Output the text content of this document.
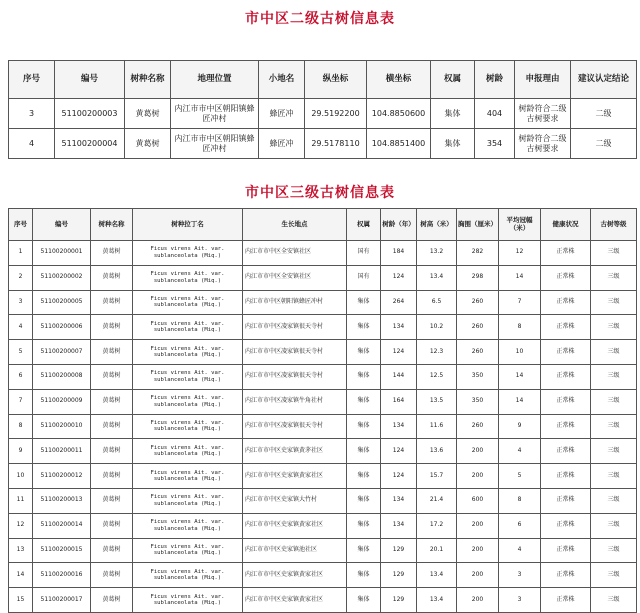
市中区二级古树信息表
序号	编号	树种名称	地理位置	小地名	纵坐标	横坐标	权属	树龄	申报理由	建议认定结论
3	51100200003	黄葛树	内江市市中区朝阳镇蜂匠冲村	蜂匠冲	29.5192200	104.8850600	集体	404	树龄符合二级古树要求	二级
4	51100200004	黄葛树	内江市市中区朝阳镇蜂匠冲村	蜂匠冲	29.5178110	104.8851400	集体	354	树龄符合二级古树要求	二级
市中区三级古树信息表
序号	编号	树种名称	树种拉丁名	生长地点	权属	树龄（年）	树高（米）	胸围（厘米）	平均冠幅（米）	健康状况	古树等级
1	51100200001	黄葛树	Ficus virens Ait. var. sublanceolata (Miq.)	内江市市中区全安镇社区	国有	184	13.2	282	12	正常株	三级
2	51100200002	黄葛树	Ficus virens Ait. var. sublanceolata (Miq.)	内江市市中区全安镇社区	国有	124	13.4	298	14	正常株	三级
3	51100200005	黄葛树	Ficus virens Ait. var. sublanceolata (Miq.)	内江市市中区朝阳镇蜂匠冲村	集体	264	6.5	260	7	正常株	三级
4	51100200006	黄葛树	Ficus virens Ait. var. sublanceolata (Miq.)	内江市市中区凌家镇很天寺村	集体	134	10.2	260	8	正常株	三级
5	51100200007	黄葛树	Ficus virens Ait. var. sublanceolata (Miq.)	内江市市中区凌家镇很天寺村	集体	124	12.3	260	10	正常株	三级
6	51100200008	黄葛树	Ficus virens Ait. var. sublanceolata (Miq.)	内江市市中区凌家镇很天寺村	集体	144	12.5	350	14	正常株	三级
7	51100200009	黄葛树	Ficus virens Ait. var. sublanceolata (Miq.)	内江市市中区凌家镇牛角社村	集体	164	13.5	350	14	正常株	三级
8	51100200010	黄葛树	Ficus virens Ait. var. sublanceolata (Miq.)	内江市市中区凌家镇很天寺村	集体	134	11.6	260	9	正常株	三级
9	51100200011	黄葛树	Ficus virens Ait. var. sublanceolata (Miq.)	内江市市中区史家镇黄茅社区	集体	124	13.6	200	4	正常株	三级
10	51100200012	黄葛树	Ficus virens Ait. var. sublanceolata (Miq.)	内江市市中区史家镇黄家社区	集体	124	15.7	200	5	正常株	三级
11	51100200013	黄葛树	Ficus virens Ait. var. sublanceolata (Miq.)	内江市市中区史家镇大竹村	集体	134	21.4	600	8	正常株	三级
12	51100200014	黄葛树	Ficus virens Ait. var. sublanceolata (Miq.)	内江市市中区史家镇黄家社区	集体	134	17.2	200	6	正常株	三级
13	51100200015	黄葛树	Ficus virens Ait. var. sublanceolata (Miq.)	内江市市中区史家镇池社区	集体	129	20.1	200	4	正常株	三级
14	51100200016	黄葛树	Ficus virens Ait. var. sublanceolata (Miq.)	内江市市中区史家镇黄家社区	集体	129	13.4	200	3	正常株	三级
15	51100200017	黄葛树	Ficus virens Ait. var. sublanceolata (Miq.)	内江市市中区史家镇黄家社区	集体	129	13.4	200	3	正常株	三级
